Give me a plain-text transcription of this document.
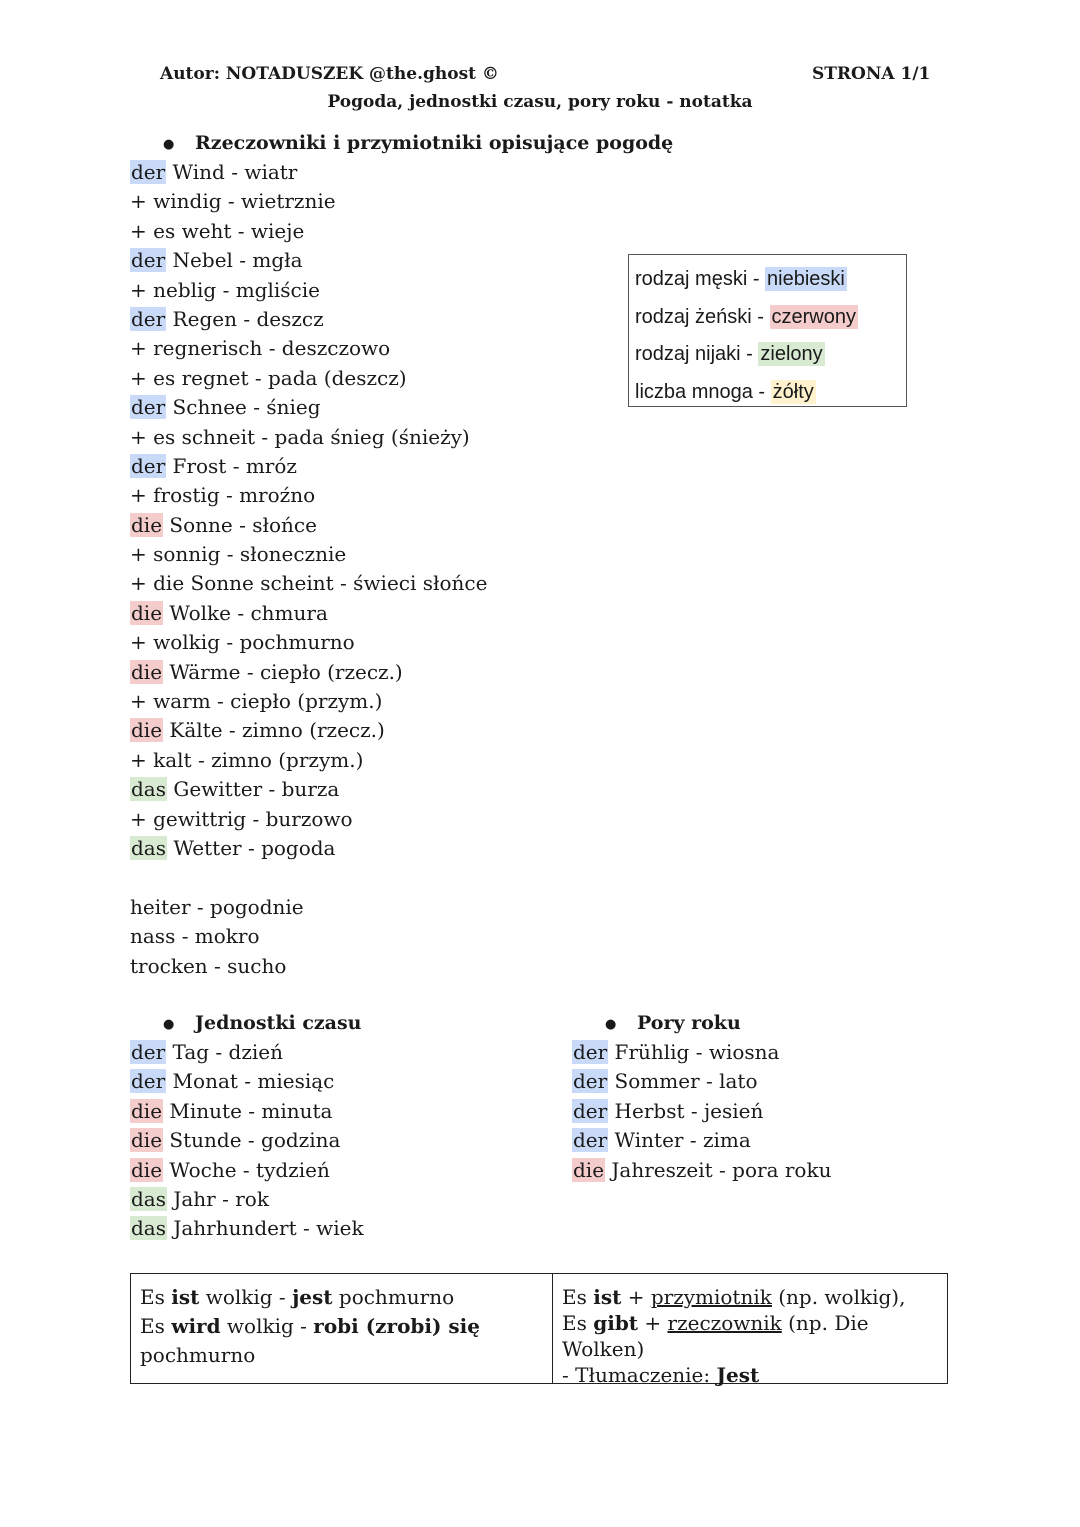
Autor: NOTADUSZEK @the.ghost ©	STRONA 1/1
Pogoda, jednostki czasu, pory roku - notatka
● Rzeczowniki i przymiotniki opisujące pogodę
der Wind - wiatr
+ windig - wietrznie
+ es weht - wieje
der Nebel - mgła
+ neblig - mgliście
der Regen - deszcz
+ regnerisch - deszczowo
+ es regnet - pada (deszcz)
der Schnee - śnieg
+ es schneit - pada śnieg (śnieży)
der Frost - mróz
+ frostig - mroźno
die Sonne - słońce
+ sonnig - słonecznie
+ die Sonne scheint - świeci słońce
die Wolke - chmura
+ wolkig - pochmurno
die Wärme - ciepło (rzecz.)
+ warm - ciepło (przym.)
die Kälte - zimno (rzecz.)
+ kalt - zimno (przym.)
das Gewitter - burza
+ gewittrig - burzowo
das Wetter - pogoda
heiter - pogodnie
nass - mokro
trocken - sucho
rodzaj męski - niebieski
rodzaj żeński - czerwony
rodzaj nijaki - zielony
liczba mnoga - żółty
● Jednostki czasu
der Tag - dzień
der Monat - miesiąc
die Minute - minuta
die Stunde - godzina
die Woche - tydzień
das Jahr - rok
das Jahrhundert - wiek
● Pory roku
der Frühlig - wiosna
der Sommer - lato
der Herbst - jesień
der Winter - zima
die Jahreszeit - pora roku
Es ist wolkig - jest pochmurno
Es wird wolkig - robi (zrobi) się
pochmurno
Es ist + przymiotnik (np. wolkig),
Es gibt + rzeczownik (np. Die Wolken)
- Tłumaczenie: Jest
